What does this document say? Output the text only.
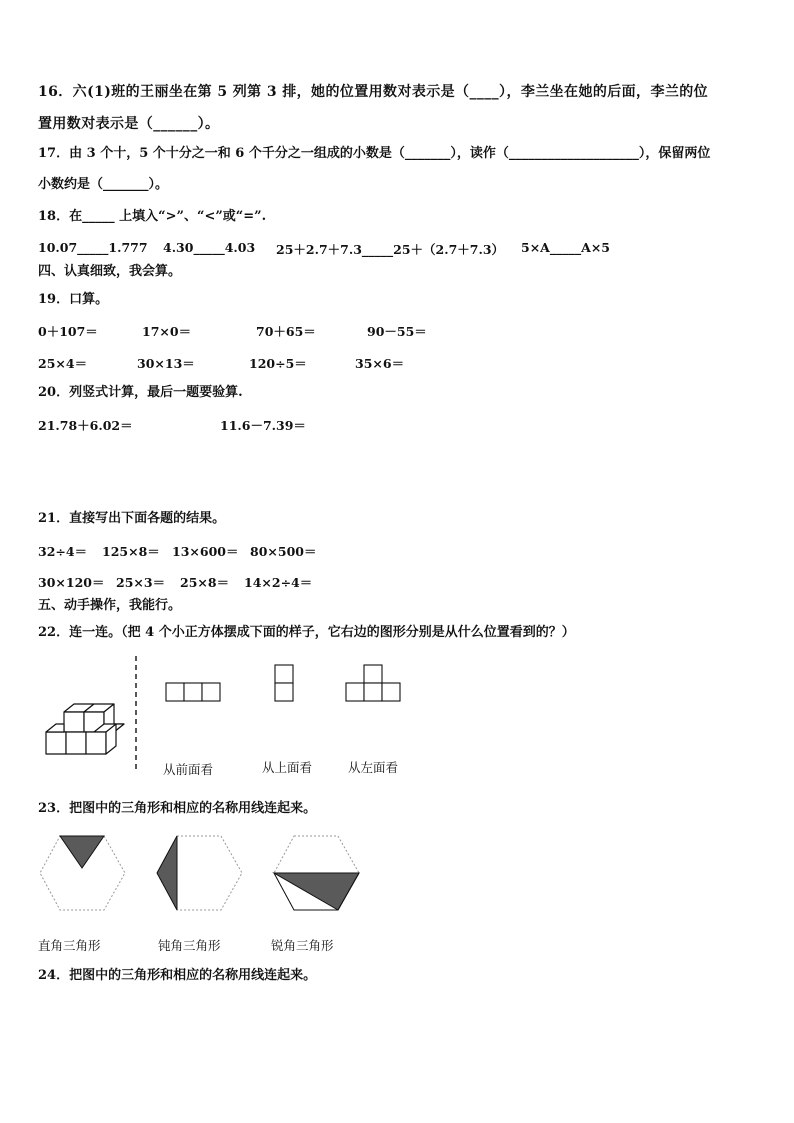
16．六(1)班的王丽坐在第 5 列第 3 排，她的位置用数对表示是（____），李兰坐在她的后面，李兰的位
置用数对表示是（______）。
17．由 3 个十，5 个十分之一和 6 个千分之一组成的小数是（_______），读作（____________________），保留两位
小数约是（_______）。
18．在_____ 上填入“>”、“<”或“=”.
10.07_____1.777 4.30_____4.03 25＋2.7＋7.3_____25＋（2.7＋7.3） 5×A_____A×5
四、认真细致，我会算。
19．口算。
0＋107＝	17×0＝	70＋65＝	90－55＝
25×4＝	30×13＝	120÷5＝	35×6＝
20．列竖式计算，最后一题要验算.
21.78＋6.02＝	11.6－7.39＝
21．直接写出下面各题的结果。
32÷4＝ 125×8＝ 13×600＝ 80×500＝
30×120＝ 25×3＝ 25×8＝ 14×2÷4＝
五、动手操作，我能行。
22．连一连。（把 4 个小正方体摆成下面的样子，它右边的图形分别是从什么位置看到的？）
从前面看	从上面看	从左面看
23．把图中的三角形和相应的名称用线连起来。
直角三角形	钝角三角形	锐角三角形
24．把图中的三角形和相应的名称用线连起来。
